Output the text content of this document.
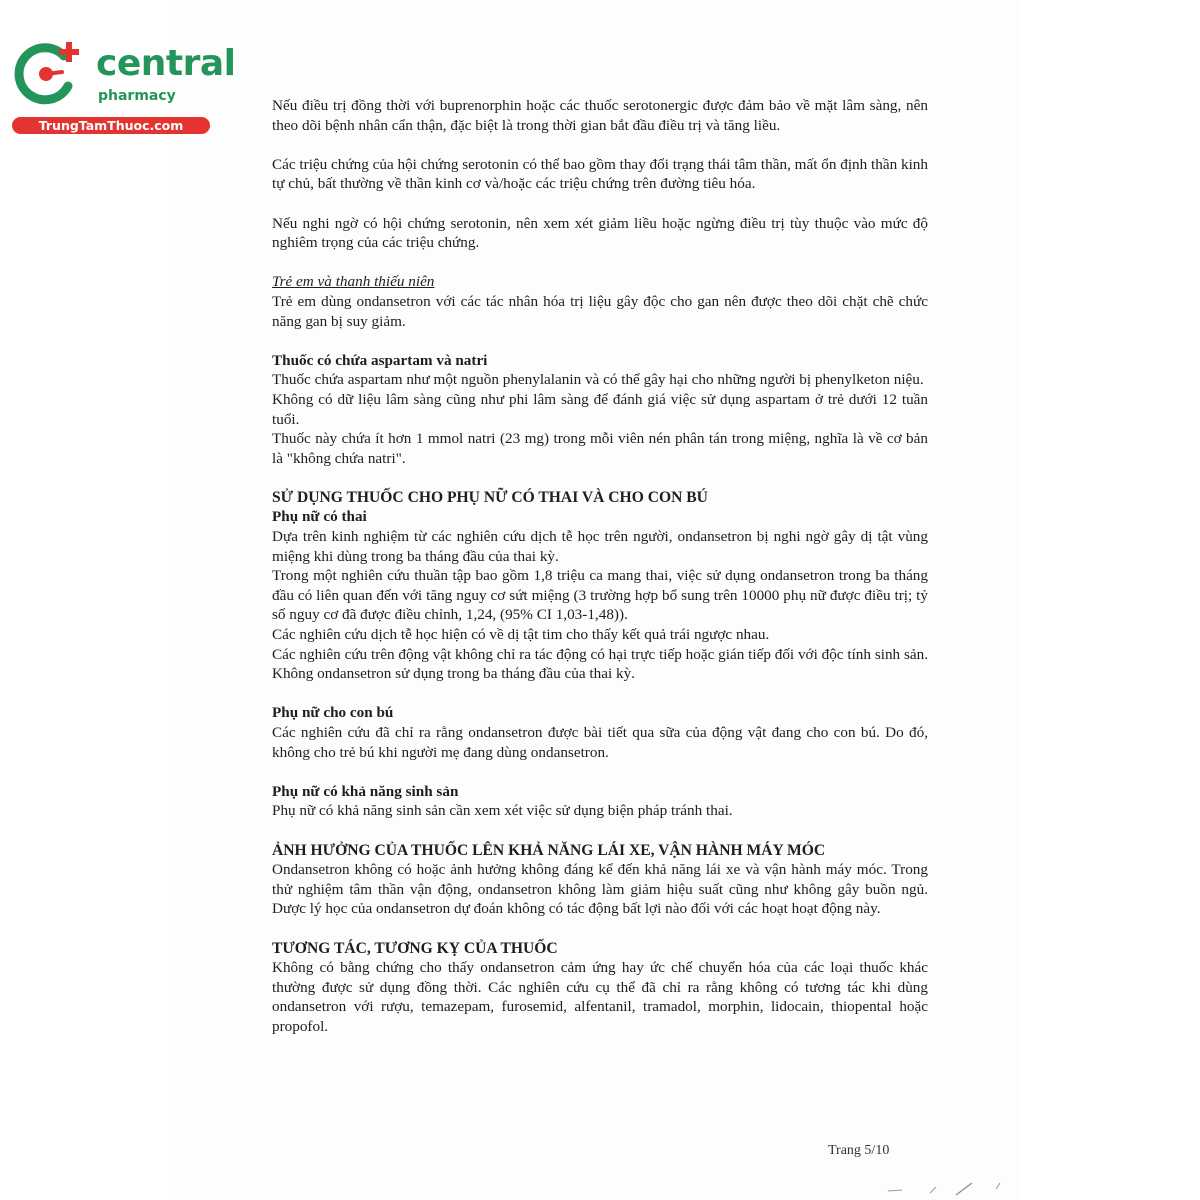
central
pharmacy
TrungTamThuoc.com

Nếu điều trị đồng thời với buprenorphin hoặc các thuốc serotonergic được đảm bảo về mặt lâm sàng, nên theo dõi bệnh nhân cẩn thận, đặc biệt là trong thời gian bắt đầu điều trị và tăng liều.

Các triệu chứng của hội chứng serotonin có thể bao gồm thay đổi trạng thái tâm thần, mất ổn định thần kinh tự chủ, bất thường về thần kinh cơ và/hoặc các triệu chứng trên đường tiêu hóa.

Nếu nghi ngờ có hội chứng serotonin, nên xem xét giảm liều hoặc ngừng điều trị tùy thuộc vào mức độ nghiêm trọng của các triệu chứng.

Trẻ em và thanh thiếu niên

Trẻ em dùng ondansetron với các tác nhân hóa trị liệu gây độc cho gan nên được theo dõi chặt chẽ chức năng gan bị suy giảm.

Thuốc có chứa aspartam và natri

Thuốc chứa aspartam như một nguồn phenylalanin và có thể gây hại cho những người bị phenylketon niệu.

Không có dữ liệu lâm sàng cũng như phi lâm sàng để đánh giá việc sử dụng aspartam ở trẻ dưới 12 tuần tuổi.

Thuốc này chứa ít hơn 1 mmol natri (23 mg) trong mỗi viên nén phân tán trong miệng, nghĩa là về cơ bản là "không chứa natri".

SỬ DỤNG THUỐC CHO PHỤ NỮ CÓ THAI VÀ CHO CON BÚ

Phụ nữ có thai

Dựa trên kinh nghiệm từ các nghiên cứu dịch tễ học trên người, ondansetron bị nghi ngờ gây dị tật vùng miệng khi dùng trong ba tháng đầu của thai kỳ.

Trong một nghiên cứu thuần tập bao gồm 1,8 triệu ca mang thai, việc sử dụng ondansetron trong ba tháng đầu có liên quan đến với tăng nguy cơ sứt miệng (3 trường hợp bổ sung trên 10000 phụ nữ được điều trị; tỷ số nguy cơ đã được điều chỉnh, 1,24, (95% CI 1,03-1,48)).

Các nghiên cứu dịch tễ học hiện có về dị tật tim cho thấy kết quả trái ngược nhau.

Các nghiên cứu trên động vật không chỉ ra tác động có hại trực tiếp hoặc gián tiếp đối với độc tính sinh sản. Không ondansetron sử dụng trong ba tháng đầu của thai kỳ.

Phụ nữ cho con bú

Các nghiên cứu đã chỉ ra rằng ondansetron được bài tiết qua sữa của động vật đang cho con bú. Do đó, không cho trẻ bú khi người mẹ đang dùng ondansetron.

Phụ nữ có khả năng sinh sản

Phụ nữ có khả năng sinh sản cần xem xét việc sử dụng biện pháp tránh thai.

ẢNH HƯỞNG CỦA THUỐC LÊN KHẢ NĂNG LÁI XE, VẬN HÀNH MÁY MÓC

Ondansetron không có hoặc ảnh hưởng không đáng kể đến khả năng lái xe và vận hành máy móc. Trong thử nghiệm tâm thần vận động, ondansetron không làm giảm hiệu suất cũng như không gây buồn ngủ. Dược lý học của ondansetron dự đoán không có tác động bất lợi nào đối với các hoạt hoạt động này.

TƯƠNG TÁC, TƯƠNG KỴ CỦA THUỐC

Không có bằng chứng cho thấy ondansetron cảm ứng hay ức chế chuyển hóa của các loại thuốc khác thường được sử dụng đồng thời. Các nghiên cứu cụ thể đã chỉ ra rằng không có tương tác khi dùng ondansetron với rượu, temazepam, furosemid, alfentanil, tramadol, morphin, lidocain, thiopental hoặc propofol.

Trang 5/10
